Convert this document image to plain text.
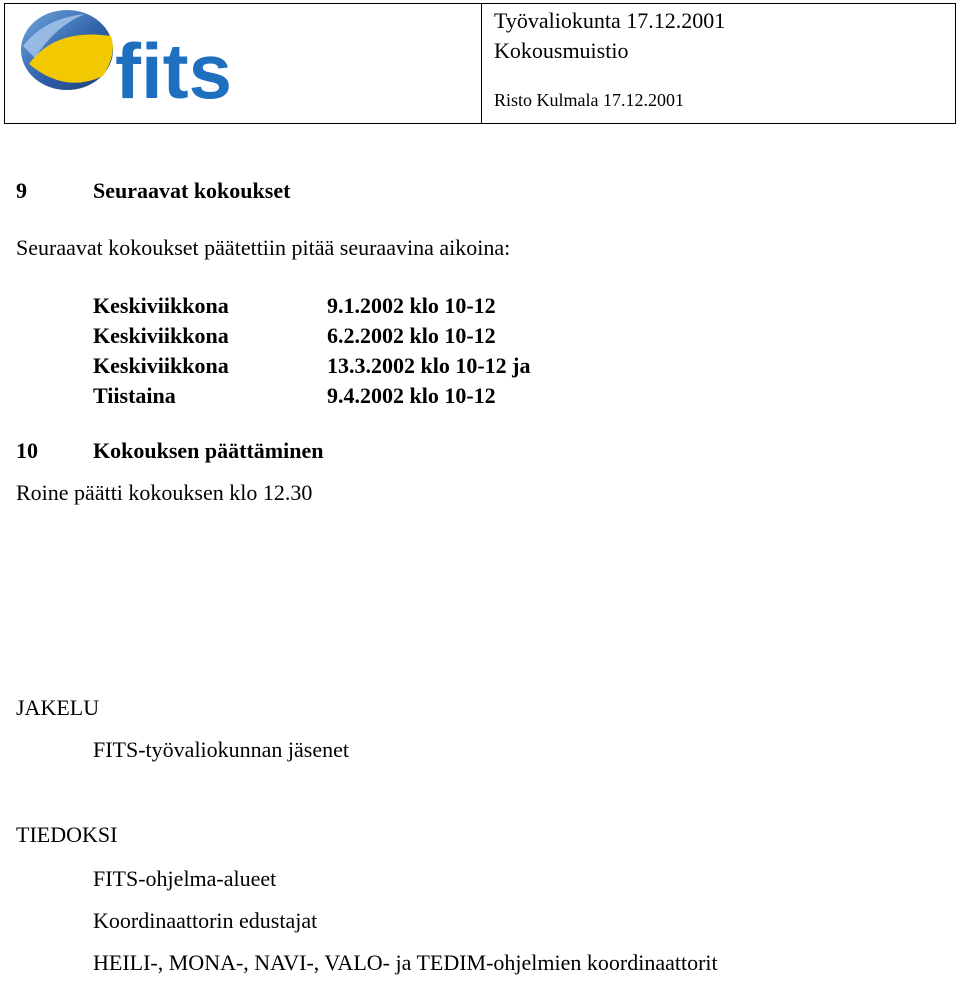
fits
Työvaliokunta 17.12.2001
Kokousmuistio
Risto Kulmala 17.12.2001
9	Seuraavat kokoukset
Seuraavat kokoukset päätettiin pitää seuraavina aikoina:
Keskiviikkona	9.1.2002 klo 10-12
Keskiviikkona	6.2.2002 klo 10-12
Keskiviikkona	13.3.2002 klo 10-12 ja
Tiistaina	9.4.2002 klo 10-12
10	Kokouksen päättäminen
Roine päätti kokouksen klo 12.30
JAKELU
FITS-työvaliokunnan jäsenet
TIEDOKSI
FITS-ohjelma-alueet
Koordinaattorin edustajat
HEILI-, MONA-, NAVI-, VALO- ja TEDIM-ohjelmien koordinaattorit
